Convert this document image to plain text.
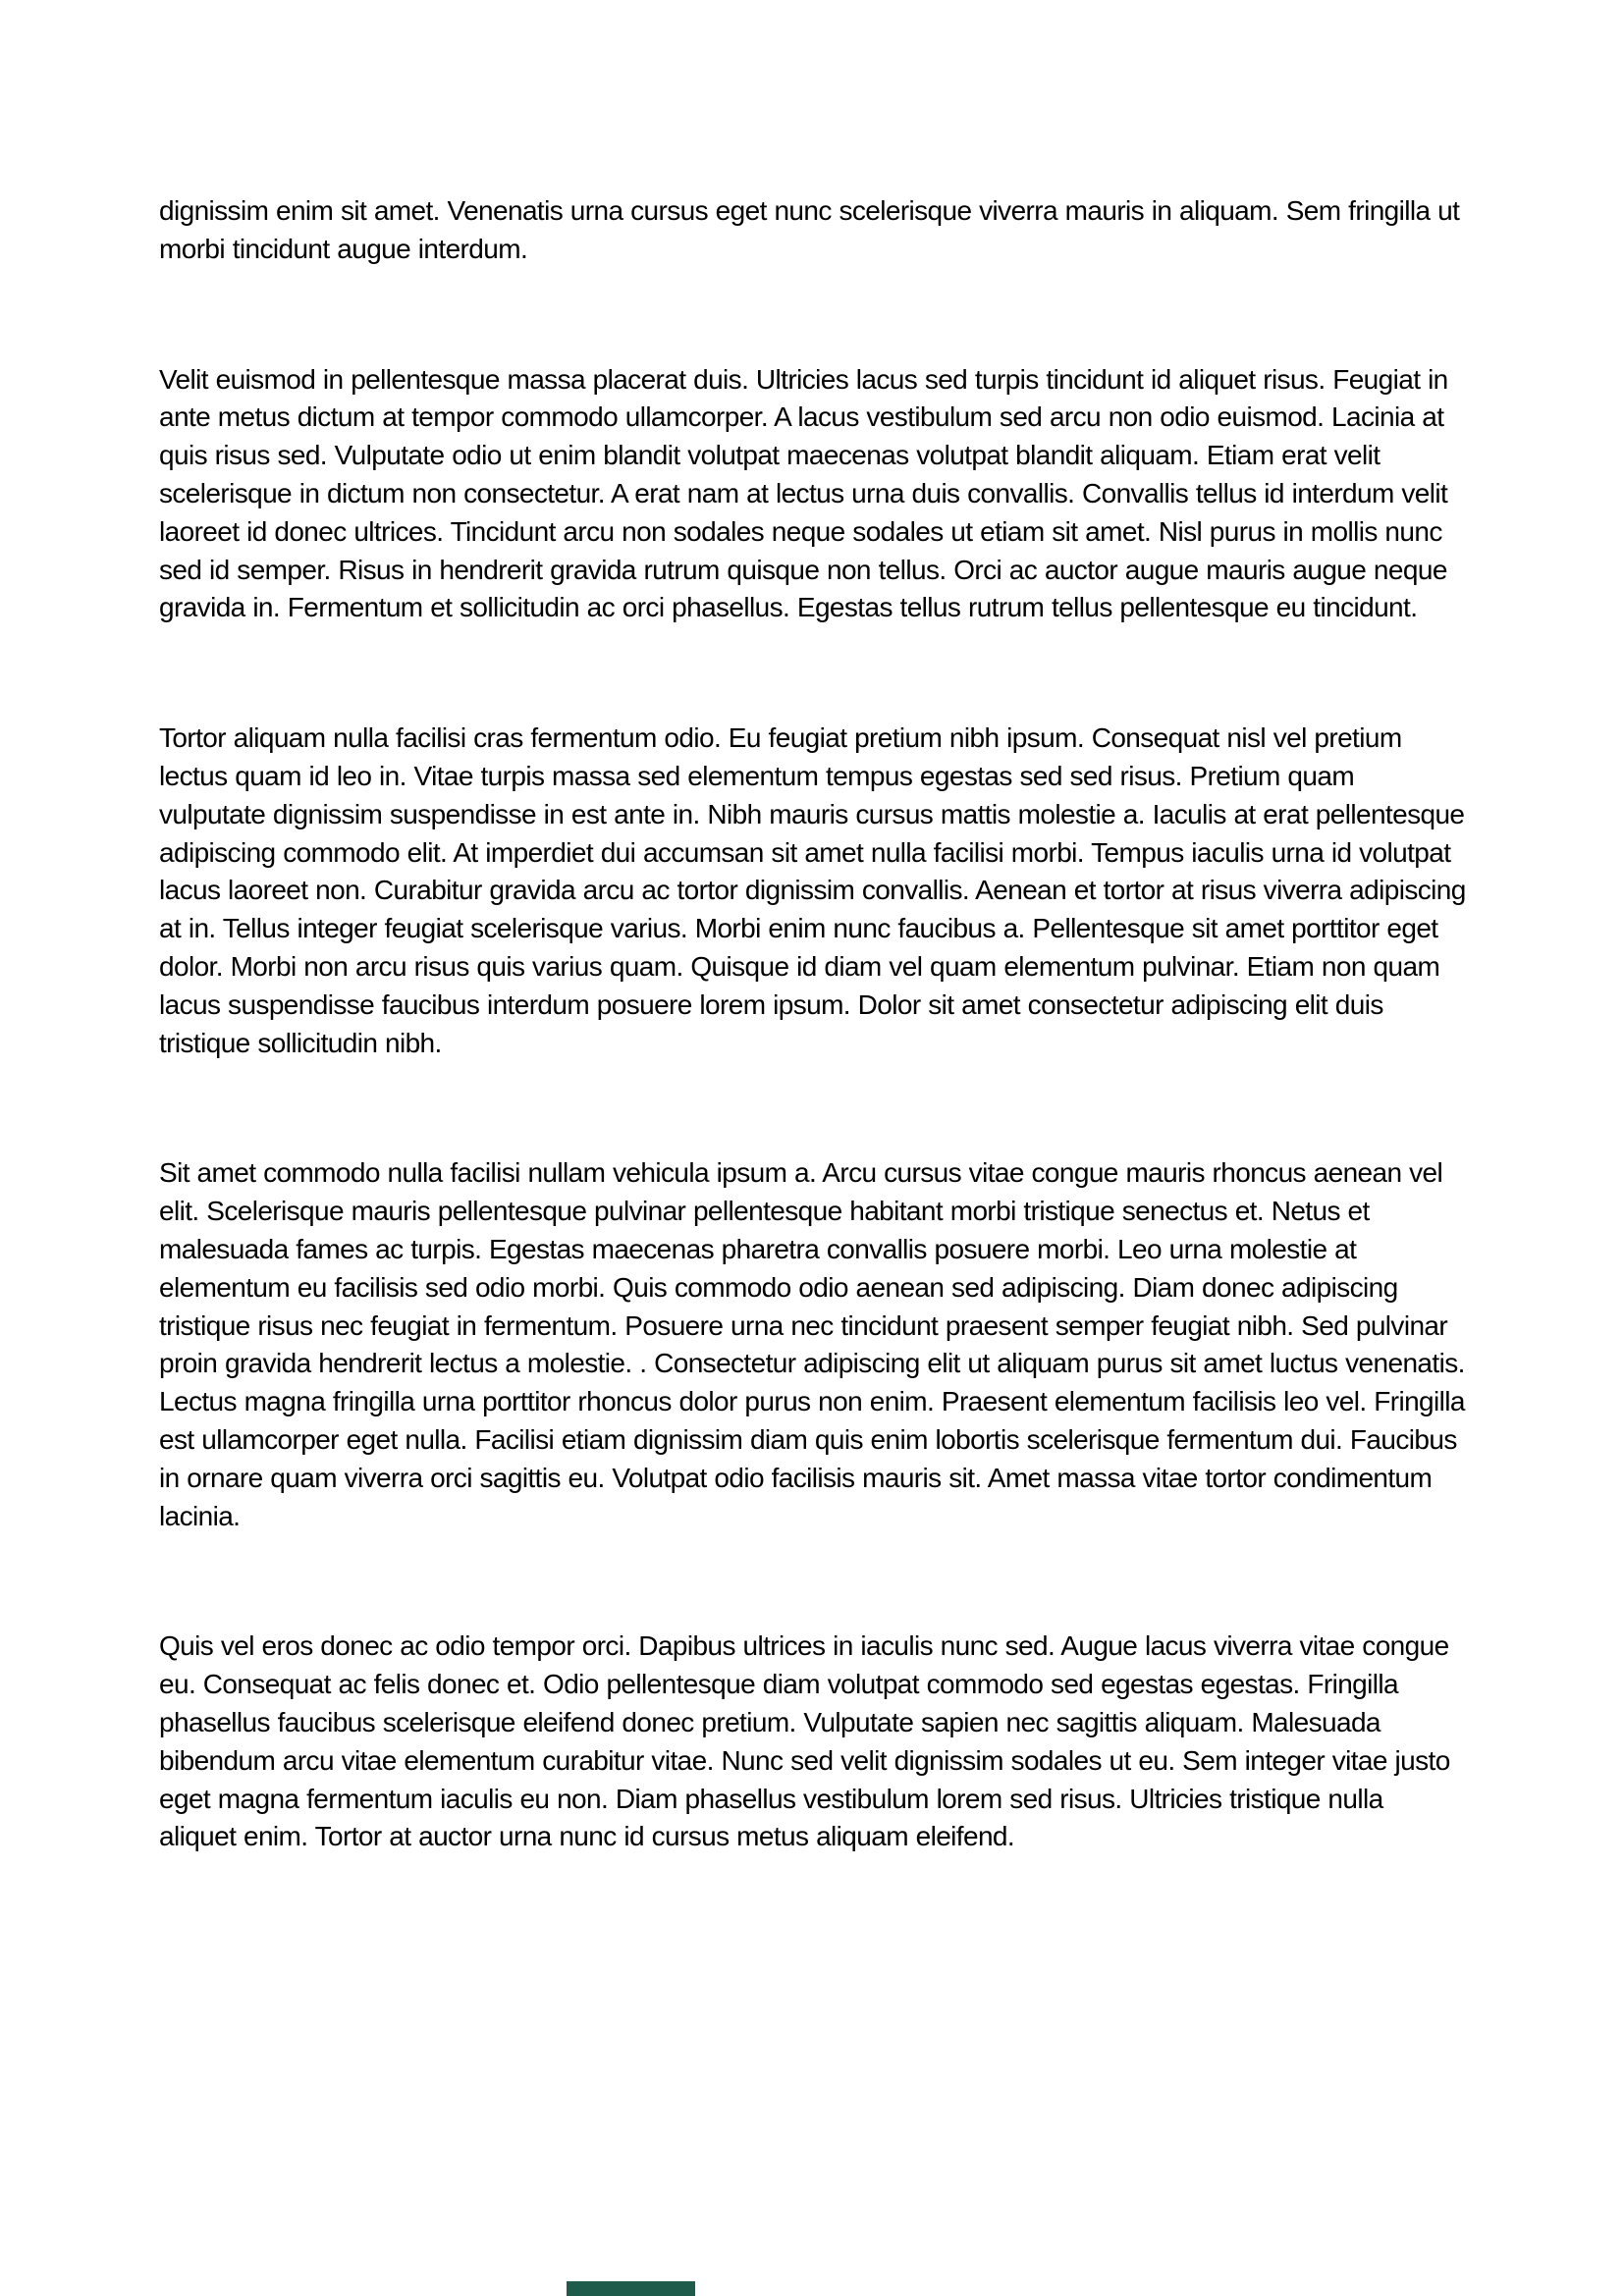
dignissim enim sit amet. Venenatis urna cursus eget nunc scelerisque viverra mauris in aliquam. Sem fringilla ut morbi tincidunt augue interdum.

Velit euismod in pellentesque massa placerat duis. Ultricies lacus sed turpis tincidunt id aliquet risus. Feugiat in ante metus dictum at tempor commodo ullamcorper. A lacus vestibulum sed arcu non odio euismod. Lacinia at quis risus sed. Vulputate odio ut enim blandit volutpat maecenas volutpat blandit aliquam. Etiam erat velit scelerisque in dictum non consectetur. A erat nam at lectus urna duis convallis. Convallis tellus id interdum velit laoreet id donec ultrices. Tincidunt arcu non sodales neque sodales ut etiam sit amet. Nisl purus in mollis nunc sed id semper. Risus in hendrerit gravida rutrum quisque non tellus. Orci ac auctor augue mauris augue neque gravida in. Fermentum et sollicitudin ac orci phasellus. Egestas tellus rutrum tellus pellentesque eu tincidunt.

Tortor aliquam nulla facilisi cras fermentum odio. Eu feugiat pretium nibh ipsum. Consequat nisl vel pretium lectus quam id leo in. Vitae turpis massa sed elementum tempus egestas sed sed risus. Pretium quam vulputate dignissim suspendisse in est ante in. Nibh mauris cursus mattis molestie a. Iaculis at erat pellentesque adipiscing commodo elit. At imperdiet dui accumsan sit amet nulla facilisi morbi. Tempus iaculis urna id volutpat lacus laoreet non. Curabitur gravida arcu ac tortor dignissim convallis. Aenean et tortor at risus viverra adipiscing at in. Tellus integer feugiat scelerisque varius. Morbi enim nunc faucibus a. Pellentesque sit amet porttitor eget dolor. Morbi non arcu risus quis varius quam. Quisque id diam vel quam elementum pulvinar. Etiam non quam lacus suspendisse faucibus interdum posuere lorem ipsum. Dolor sit amet consectetur adipiscing elit duis tristique sollicitudin nibh.

Sit amet commodo nulla facilisi nullam vehicula ipsum a. Arcu cursus vitae congue mauris rhoncus aenean vel elit. Scelerisque mauris pellentesque pulvinar pellentesque habitant morbi tristique senectus et. Netus et malesuada fames ac turpis. Egestas maecenas pharetra convallis posuere morbi. Leo urna molestie at elementum eu facilisis sed odio morbi. Quis commodo odio aenean sed adipiscing. Diam donec adipiscing tristique risus nec feugiat in fermentum. Posuere urna nec tincidunt praesent semper feugiat nibh. Sed pulvinar proin gravida hendrerit lectus a molestie. . Consectetur adipiscing elit ut aliquam purus sit amet luctus venenatis. Lectus magna fringilla urna porttitor rhoncus dolor purus non enim. Praesent elementum facilisis leo vel. Fringilla est ullamcorper eget nulla. Facilisi etiam dignissim diam quis enim lobortis scelerisque fermentum dui. Faucibus in ornare quam viverra orci sagittis eu. Volutpat odio facilisis mauris sit. Amet massa vitae tortor condimentum lacinia.

Quis vel eros donec ac odio tempor orci. Dapibus ultrices in iaculis nunc sed. Augue lacus viverra vitae congue eu. Consequat ac felis donec et. Odio pellentesque diam volutpat commodo sed egestas egestas. Fringilla phasellus faucibus scelerisque eleifend donec pretium. Vulputate sapien nec sagittis aliquam. Malesuada bibendum arcu vitae elementum curabitur vitae. Nunc sed velit dignissim sodales ut eu. Sem integer vitae justo eget magna fermentum iaculis eu non. Diam phasellus vestibulum lorem sed risus. Ultricies tristique nulla aliquet enim. Tortor at auctor urna nunc id cursus metus aliquam eleifend.
